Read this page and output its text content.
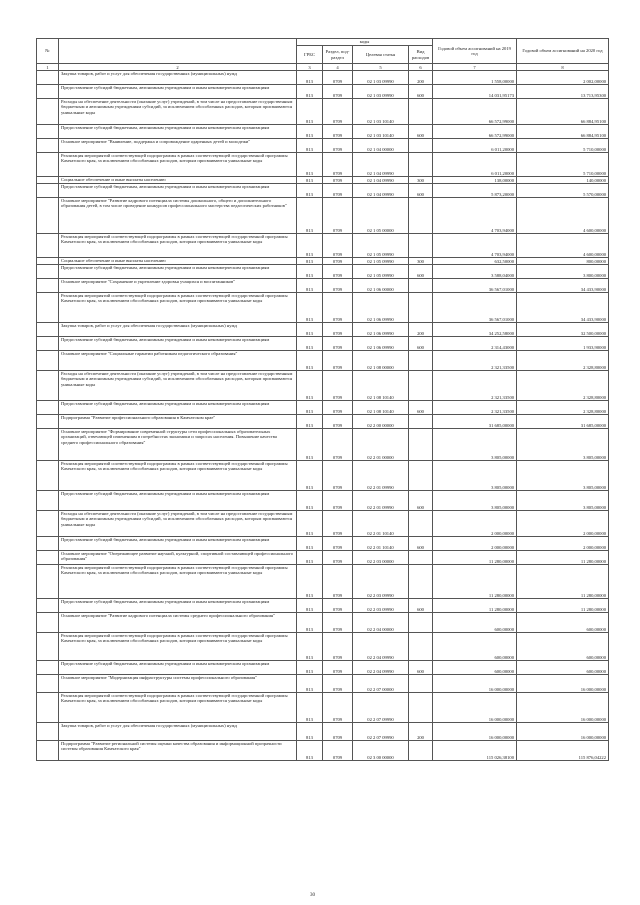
№		коды				Годовой объем ассигнований на 2019 год	Годовой объем ассигнований на 2020 год
		ГРБС	Раздел, под-раздел	Целевая статья	Вид расходов		
1	2	3	4	5	6	7	8
	Закупка товаров, работ и услуг для обеспечения государственных (муниципальных) нужд	813	0709	02 1 03 09990	200	1 558,00000	2 002,00000
	Предоставление субсидий бюджетным, автономным учреждениям и иным некоммерческим организациям	813	0709	02 1 03 09990	600	14 031,95173	13 713,95300
	Расходы на обеспечение деятельности (оказание услуг) учреждений, в том числе на предоставление государственным бюджетным и автономным учреждениям субсидий, за исключением обособленных расходов, которым присваиваются уникальные коды	813	0709	02 1 03 10140		66 572,99000	66 884,95100
	Предоставление субсидий бюджетным, автономным учреждениям и иным некоммерческим организациям	813	0709	02 1 03 10140	600	66 572,99000	66 884,95100
	Основное мероприятие "Выявление, поддержка и сопровождение одаренных детей и молодежи"	813	0709	02 1 04 00000		6 011,20000	5 710,00000
	Реализация мероприятий соответствующей подпрограммы в рамках соответствующей государственной программы Камчатского края, за исключением обособленных расходов, которым присваиваются уникальные коды	813	0709	02 1 04 09990		6 011,20000	5 710,00000
	Социальное обеспечение и иные выплаты населению	813	0709	02 1 04 09990	300	138,00000	140,00000
	Предоставление субсидий бюджетным, автономным учреждениям и иным некоммерческим организациям	813	0709	02 1 04 09990	600	5 873,20000	5 570,00000
	Основное мероприятие "Развитие кадрового потенциала системы дошкольного, общего и дополнительного образования детей, в том числе проведение конкурсов профессионального мастерства педагогических работников"	813	0709	02 1 05 00000		4 703,94000	4 600,00000
	Реализация мероприятий соответствующей подпрограммы в рамках соответствующей государственной программы Камчатского края, за исключением обособленных расходов, которым присваиваются уникальные коды	813	0709	02 1 05 09990		4 703,94000	4 600,00000
	Социальное обеспечение и иные выплаты населению	813	0709	02 1 05 09990	300	632,50000	800,00000
	Предоставление субсидий бюджетным, автономным учреждениям и иным некоммерческим организациям	813	0709	02 1 05 09990	600	3 588,04000	3 800,00000
	Основное мероприятие "Сохранение и укрепление здоровья учащихся и воспитанников"	813	0709	02 1 06 00000		36 567,01000	34 433,90000
	Реализация мероприятий соответствующей подпрограммы в рамках соответствующей государственной программы Камчатского края, за исключением обособленных расходов, которым присваиваются уникальные коды	813	0709	02 1 06 09990		36 567,01000	34 433,90000
	Закупка товаров, работ и услуг для обеспечения государственных (муниципальных) нужд	813	0709	02 1 06 09990	200	34 252,58000	32 500,00000
	Предоставление субсидий бюджетным, автономным учреждениям и иным некоммерческим организациям	813	0709	02 1 06 09990	600	2 314,43000	1 933,90000
	Основное мероприятие "Социальные гарантии работникам педагогического образования"	813	0709	02 1 08 00000		2 321,33500	2 328,80000
	Расходы на обеспечение деятельности (оказание услуг) учреждений, в том числе на предоставление государственным бюджетным и автономным учреждениям субсидий, за исключением обособленных расходов, которым присваиваются уникальные коды	813	0709	02 1 08 10140		2 321,33500	2 328,80000
	Предоставление субсидий бюджетным, автономным учреждениям и иным некоммерческим организациям	813	0709	02 1 08 10140	600	2 321,33500	2 328,80000
	Подпрограмма "Развитие профессионального образования в Камчатском крае"	813	0709	02 2 00 00000		31 685,00000	31 685,00000
	Основное мероприятие "Формирование современной структуры сети профессиональных образовательных организаций, отвечающей изменениям в потребностях экономики и запросах населения. Повышение качества среднего профессионального образования"	813	0709	02 2 01 00000		3 805,00000	3 805,00000
	Реализация мероприятий соответствующей подпрограммы в рамках соответствующей государственной программы Камчатского края, за исключением обособленных расходов, которым присваиваются уникальные коды	813	0709	02 2 01 09990		3 805,00000	3 805,00000
	Предоставление субсидий бюджетным, автономным учреждениям и иным некоммерческим организациям	813	0709	02 2 01 09990	600	3 805,00000	3 805,00000
	Расходы на обеспечение деятельности (оказание услуг) учреждений, в том числе на предоставление государственным бюджетным и автономным учреждениям субсидий, за исключением обособленных расходов, которым присваиваются уникальные коды	813	0709	02 2 01 10140		2 000,00000	2 000,00000
	Предоставление субсидий бюджетным, автономным учреждениям и иным некоммерческим организациям	813	0709	02 2 01 10140	600	2 000,00000	2 000,00000
	Основное мероприятие "Опережающее развитие научной, культурной, спортивной составляющей профессионального образования"	813	0709	02 2 03 00000		11 280,00000	11 280,00000
	Реализация мероприятий соответствующей подпрограммы в рамках соответствующей государственной программы Камчатского края, за исключением обособленных расходов, которым присваиваются уникальные коды	813	0709	02 2 03 09990		11 280,00000	11 280,00000
	Предоставление субсидий бюджетным, автономным учреждениям и иным некоммерческим организациям	813	0709	02 2 03 09990	600	11 280,00000	11 280,00000
	Основное мероприятие "Развитие кадрового потенциала системы среднего профессионального образования"	813	0709	02 2 04 00000		600,00000	600,00000
	Реализация мероприятий соответствующей подпрограммы в рамках соответствующей государственной программы Камчатского края, за исключением обособленных расходов, которым присваиваются уникальные коды	813	0709	02 2 04 09990		600,00000	600,00000
	Предоставление субсидий бюджетным, автономным учреждениям и иным некоммерческим организациям	813	0709	02 2 04 09990	600	600,00000	600,00000
	Основное мероприятие "Модернизация инфраструктуры системы профессионального образования"	813	0709	02 2 07 00000		16 000,00000	16 000,00000
	Реализация мероприятий соответствующей подпрограммы в рамках соответствующей государственной программы Камчатского края, за исключением обособленных расходов, которым присваиваются уникальные коды	813	0709	02 2 07 09990		16 000,00000	16 000,00000
	Закупка товаров, работ и услуг для обеспечения государственных (муниципальных) нужд	813	0709	02 2 07 09990	200	16 000,00000	16 000,00000
	Подпрограмма "Развитие региональной системы оценки качества образования и информационной прозрачности системы образования Камчатского края"	813	0709	02 3 00 00000		115 026,38100	115 876,04222
30
